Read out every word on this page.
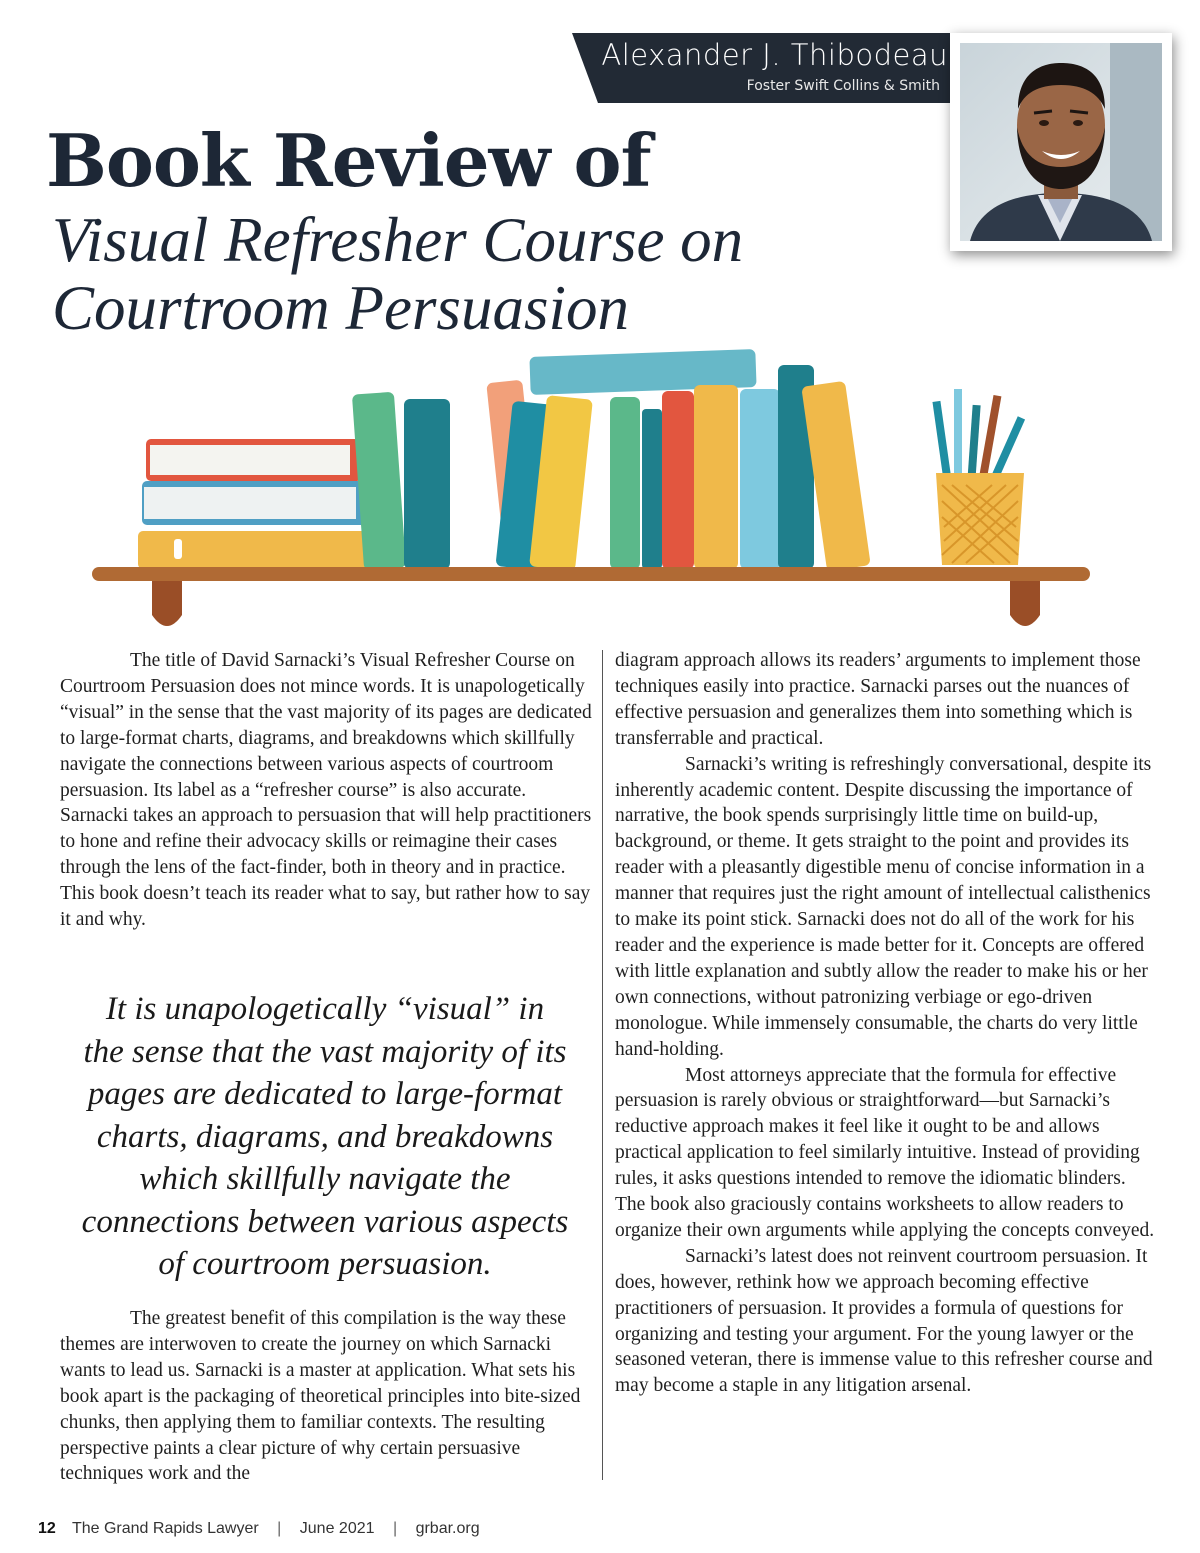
Alexander J. Thibodeau
Foster Swift Collins & Smith
Book Review of
Visual Refresher Course on
Courtroom Persuasion

The title of David Sarnacki’s Visual Refresher Course on Courtroom Persuasion does not mince words. It is unapologetically “visual” in the sense that the vast majority of its pages are dedicated to large-format charts, diagrams, and breakdowns which skillfully navigate the connections between various aspects of courtroom persuasion. Its label as a “refresher course” is also accurate. Sarnacki takes an approach to persuasion that will help practitioners to hone and refine their advocacy skills or reimagine their cases through the lens of the fact-finder, both in theory and in practice. This book doesn’t teach its reader what to say, but rather how to say it and why.

It is unapologetically “visual” in
the sense that the vast majority of its
pages are dedicated to large-format
charts, diagrams, and breakdowns
which skillfully navigate the
connections between various aspects
of courtroom persuasion.

The greatest benefit of this compilation is the way these themes are interwoven to create the journey on which Sarnacki wants to lead us. Sarnacki is a master at application. What sets his book apart is the packaging of theoretical principles into bite-sized chunks, then applying them to familiar contexts. The resulting perspective paints a clear picture of why certain persuasive techniques work and the

diagram approach allows its readers’ arguments to implement those techniques easily into practice. Sarnacki parses out the nuances of effective persuasion and generalizes them into something which is transferrable and practical.

Sarnacki’s writing is refreshingly conversational, despite its inherently academic content. Despite discussing the importance of narrative, the book spends surprisingly little time on build-up, background, or theme. It gets straight to the point and provides its reader with a pleasantly digestible menu of concise information in a manner that requires just the right amount of intellectual calisthenics to make its point stick. Sarnacki does not do all of the work for his reader and the experience is made better for it. Concepts are offered with little explanation and subtly allow the reader to make his or her own connections, without patronizing verbiage or ego-driven monologue. While immensely consumable, the charts do very little hand-holding.

Most attorneys appreciate that the formula for effective persuasion is rarely obvious or straightforward—but Sarnacki’s reductive approach makes it feel like it ought to be and allows practical application to feel similarly intuitive. Instead of providing rules, it asks questions intended to remove the idiomatic blinders. The book also graciously contains worksheets to allow readers to organize their own arguments while applying the concepts conveyed.

Sarnacki’s latest does not reinvent courtroom persuasion. It does, however, rethink how we approach becoming effective practitioners of persuasion. It provides a formula of questions for organizing and testing your argument. For the young lawyer or the seasoned veteran, there is immense value to this refresher course and may become a staple in any litigation arsenal.

12 The Grand Rapids Lawyer | June 2021 | grbar.org
